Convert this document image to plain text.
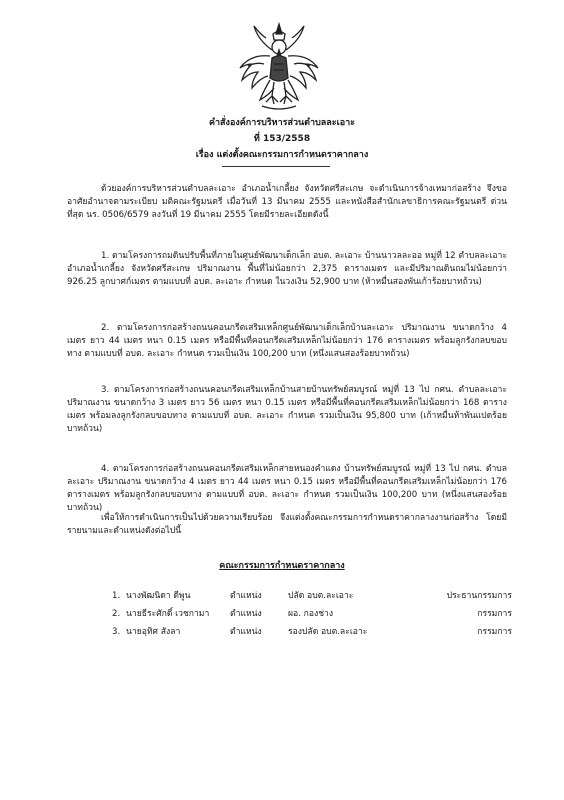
คำสั่งองค์การบริหารส่วนตำบลละเอาะ
ที่ 153/2558
เรื่อง แต่งตั้งคณะกรรมการกำหนดราคากลาง
ด้วยองค์การบริหารส่วนตำบลละเอาะ อำเภอน้ำเกลี้ยง จังหวัดศรีสะเกษ จะดำเนินการจ้างเหมาก่อสร้าง จึงขออาศัยอำนาจตามระเบียบ มติคณะรัฐมนตรี เมื่อวันที่ 13 มีนาคม 2555 และหนังสือสำนักเลขาธิการคณะรัฐมนตรี ด่วนที่สุด นร. 0506/6579 ลงวันที่ 19 มีนาคม 2555 โดยมีรายละเอียดดังนี้
1. ตามโครงการถมดินปรับพื้นที่ภายในศูนย์พัฒนาเด็กเล็ก อบต. ละเอาะ บ้านนาวลละออ หมู่ที่ 12 ตำบลละเอาะ อำเภอน้ำเกลี้ยง จังหวัดศรีสะเกษ ปริมาณงาน พื้นที่ไม่น้อยกว่า 2,375 ตารางเมตร และมีปริมาณดินถมไม่น้อยกว่า 926.25 ลูกบาศก์เมตร ตามแบบที่ อบต. ละเอาะ กำหนด ในวงเงิน 52,900 บาท (ห้าหมื่นสองพันเก้าร้อยบาทถ้วน)
2. ตามโครงการก่อสร้างถนนคอนกรีตเสริมเหล็กศูนย์พัฒนาเด็กเล็กบ้านละเอาะ ปริมาณงาน ขนาดกว้าง 4 เมตร ยาว 44 เมตร หนา 0.15 เมตร หรือมีพื้นที่คอนกรีตเสริมเหล็กไม่น้อยกว่า 176 ตารางเมตร พร้อมลูกรังกลบขอบทาง ตามแบบที่ อบต. ละเอาะ กำหนด รวมเป็นเงิน 100,200 บาท (หนึ่งแสนสองร้อยบาทถ้วน)
3. ตามโครงการก่อสร้างถนนคอนกรีตเสริมเหล็กบ้านสายบ้านทรัพย์สมบูรณ์ หมู่ที่ 13 ไป กศน. ตำบลละเอาะ ปริมาณงาน ขนาดกว้าง 3 เมตร ยาว 56 เมตร หนา 0.15 เมตร หรือมีพื้นที่คอนกรีตเสริมเหล็กไม่น้อยกว่า 168 ตารางเมตร พร้อมลงลูกรังกลบขอบทาง ตามแบบที่ อบต. ละเอาะ กำหนด รวมเป็นเงิน 95,800 บาท (เก้าหมื่นห้าพันแปดร้อยบาทถ้วน)
4. ตามโครงการก่อสร้างถนนคอนกรีตเสริมเหล็กสายหนองคำแดง บ้านทรัพย์สมบูรณ์ หมู่ที่ 13 ไป กศน. ตำบลละเอาะ ปริมาณงาน ขนาดกว้าง 4 เมตร ยาว 44 เมตร หนา 0.15 เมตร หรือมีพื้นที่คอนกรีตเสริมเหล็กไม่น้อยกว่า 176 ตารางเมตร พร้อมลูกรังกลบขอบทาง ตามแบบที่ อบต. ละเอาะ กำหนด รวมเป็นเงิน 100,200 บาท (หนึ่งแสนสองร้อยบาทถ้วน)
เพื่อให้การดำเนินการเป็นไปด้วยความเรียบร้อย จึงแต่งตั้งคณะกรรมการกำหนดราคากลางงานก่อสร้าง โดยมีรายนามและตำแหน่งดังต่อไปนี้
คณะกรรมการกำหนดราคากลาง
1. นางพัฒนิดา ดีพูน	ตำแหน่ง	ปลัด อบต.ละเอาะ	ประธานกรรมการ
2. นายธีระศักดิ์ เวชกามา ตำแหน่ง	ผอ. กองช่าง	กรรมการ
3. นายอุทิศ สังลา	ตำแหน่ง	รองปลัด อบต.ละเอาะ	กรรมการ
